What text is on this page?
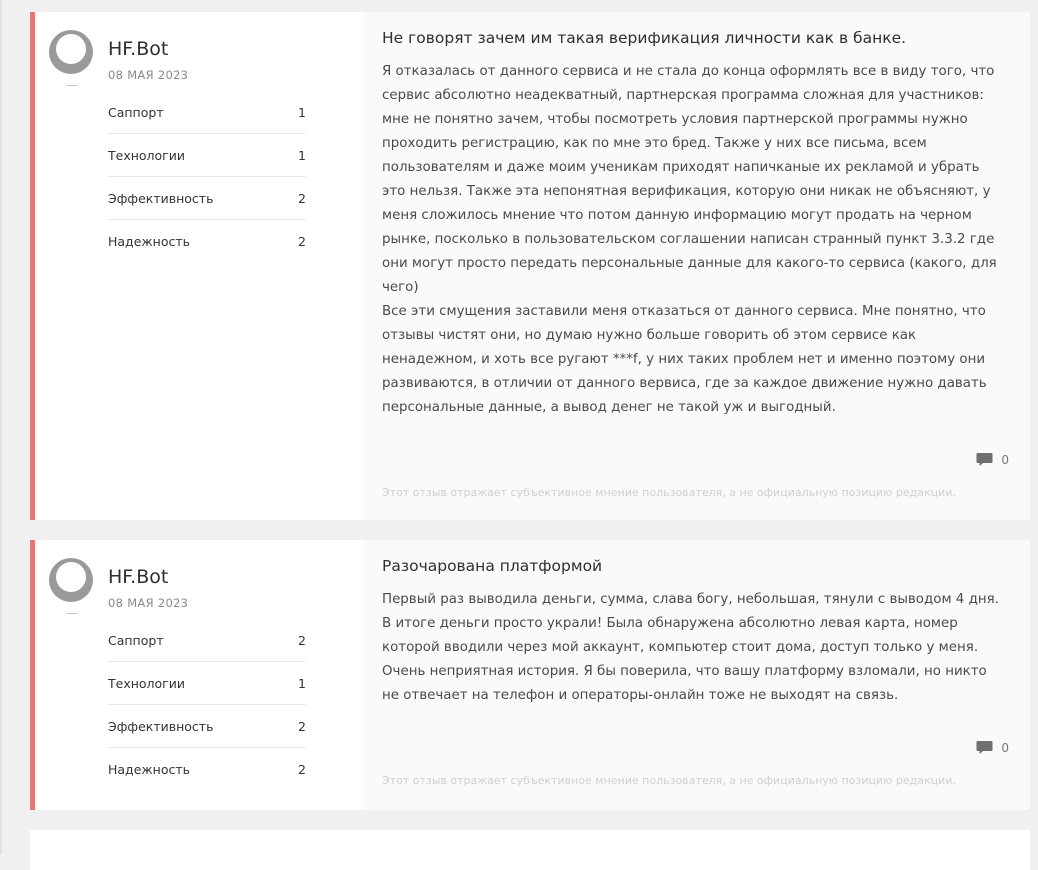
HF.Bot
08 МАЯ 2023
Саппорт	1
Технологии	1
Эффективность	2
Надежность	2
Не говорят зачем им такая верификация личности как в банке.

Я отказалась от данного сервиса и не стала до конца оформлять все в виду того, что сервис абсолютно неадекватный, партнерская программа сложная для участников: мне не понятно зачем, чтобы посмотреть условия партнерской программы нужно проходить регистрацию, как по мне это бред. Также у них все письма, всем пользователям и даже моим ученикам приходят напичканые их рекламой и убрать это нельзя. Также эта непонятная верификация, которую они никак не объясняют, у меня сложилось мнение что потом данную информацию могут продать на черном рынке, посколько в пользовательском соглашении написан странный пункт 3.3.2 где они могут просто передать персональные данные для какого-то сервиса (какого, для чего)

Все эти смущения заставили меня отказаться от данного сервиса. Мне понятно, что отзывы чистят они, но думаю нужно больше говорить об этом сервисе как ненадежном, и хоть все ругают ***f, у них таких проблем нет и именно поэтому они развиваются, в отличии от данного вервиса, где за каждое движение нужно давать персональные данные, а вывод денег не такой уж и выгодный.

0
Этот отзыв отражает субъективное мнение пользователя, а не официальную позицию редакции.
HF.Bot
08 МАЯ 2023
Саппорт	2
Технологии	1
Эффективность	2
Надежность	2
Разочарована платформой

Первый раз выводила деньги, сумма, слава богу, небольшая, тянули с выводом 4 дня. В итоге деньги просто украли! Была обнаружена абсолютно левая карта, номер которой вводили через мой аккаунт, компьютер стоит дома, доступ только у меня. Очень неприятная история. Я бы поверила, что вашу платформу взломали, но никто не отвечает на телефон и операторы-онлайн тоже не выходят на связь.

0
Этот отзыв отражает субъективное мнение пользователя, а не официальную позицию редакции.
